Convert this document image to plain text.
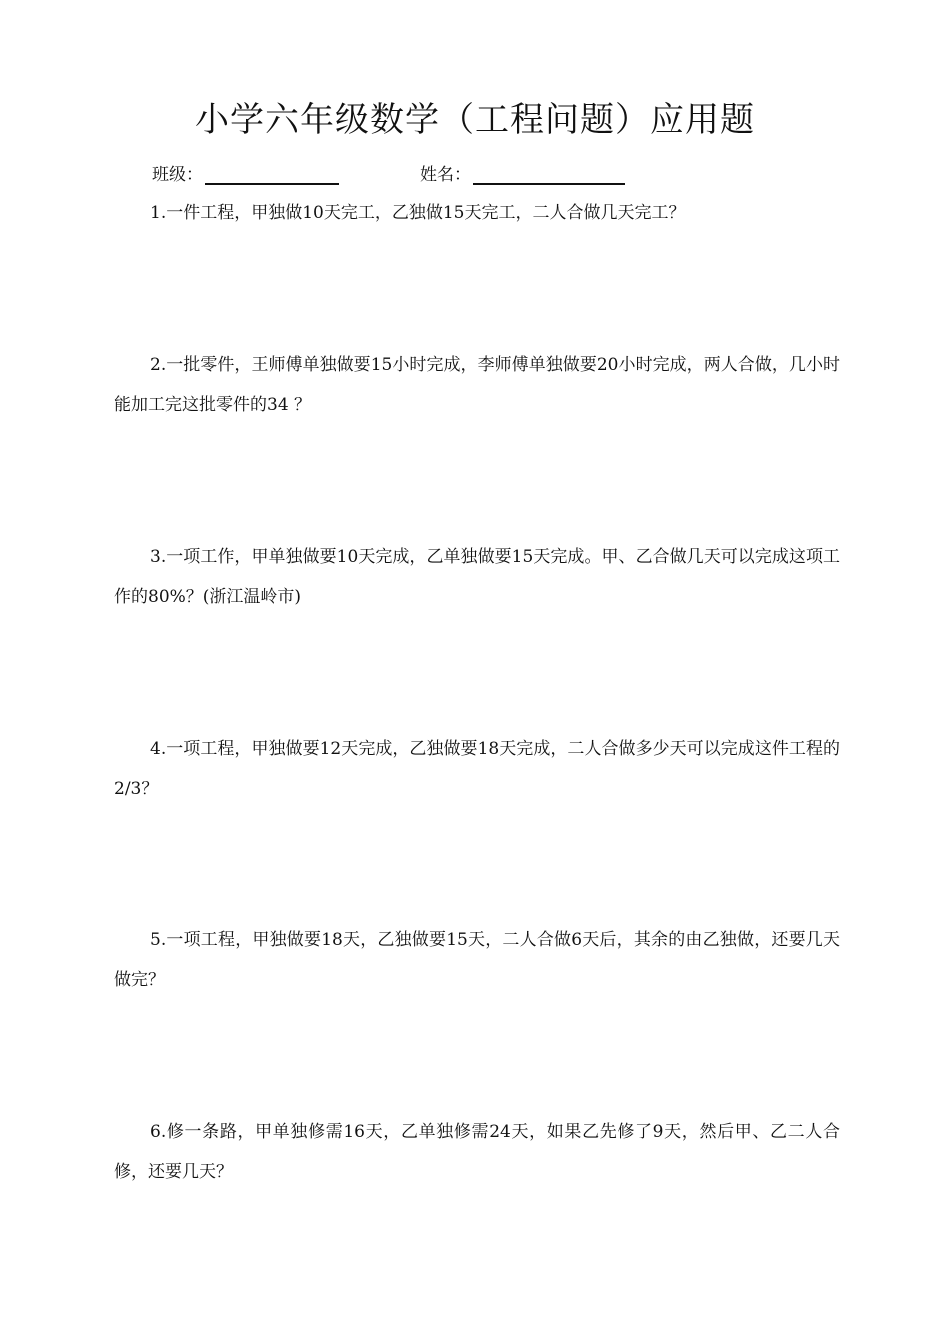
小学六年级数学（工程问题）应用题
班级：	姓名：

1.一件工程，甲独做10天完工，乙独做15天完工，二人合做几天完工？

2.一批零件，王师傅单独做要15小时完成，李师傅单独做要20小时完成，两人合做，几小时能加工完这批零件的34 ？

3.一项工作，甲单独做要10天完成，乙单独做要15天完成。甲、乙合做几天可以完成这项工作的80%？(浙江温岭市)

4.一项工程，甲独做要12天完成，乙独做要18天完成，二人合做多少天可以完成这件工程的2/3？

5.一项工程，甲独做要18天，乙独做要15天，二人合做6天后，其余的由乙独做，还要几天做完？

6.修一条路，甲单独修需16天，乙单独修需24天，如果乙先修了9天，然后甲、乙二人合修，还要几天？
